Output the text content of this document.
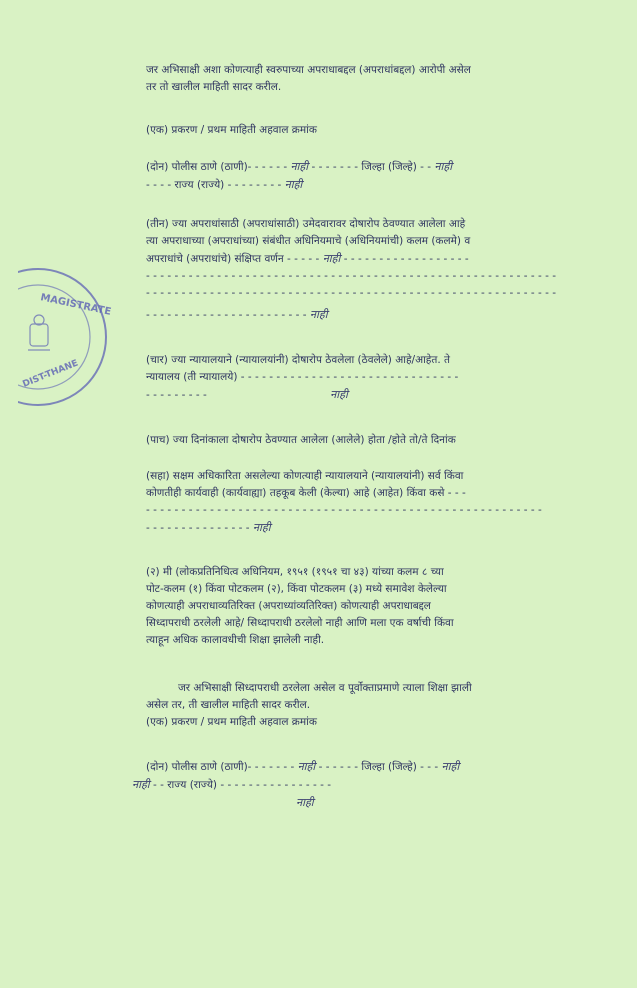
MAGISTRATE
DIST-THANE
जर अभिसाक्षी अशा कोणत्याही स्वरुपाच्या अपराधाबद्दल (अपराधांबद्दल) आरोपी असेल
तर तो खालील माहिती सादर करील.
(एक) प्रकरण / प्रथम माहिती अहवाल क्रमांक
(दोन) पोलीस ठाणे (ठाणी)- - - - - - नाही - - - - - - - जिल्हा (जिल्हे) - - नाही
- - - - राज्य (राज्ये) - - - - - - - - नाही
(तीन) ज्या अपराधांसाठी (अपराधांसाठी) उमेदवारावर दोषारोप ठेवण्यात आलेला आहे
त्या अपराधाच्या (अपराधांच्या) संबंधीत अधिनियमाचे (अधिनियमांची) कलम (कलमे) व
अपराधांचे (अपराधांचे) संक्षिप्त वर्णन - - - - - नाही - - - - - - - - - - - - - - - - - -
- - - - - - - - - - - - - - - - - - - - - - - - - - - - - - - - - - - - - - - - - - - - - - - - - - - - - - - - - -
- - - - - - - - - - - - - - - - - - - - - - - - - - - - - - - - - - - - - - - - - - - - - - - - - - - - - - - - - -
- - - - - - - - - - - - - - - - - - - - - - - नाही
(चार) ज्या न्यायालयाने (न्यायालयांनी) दोषारोप ठेवलेला (ठेवलेले) आहे/आहेत. ते
न्यायालय (ती न्यायालये) - - - - - - - - - - - - - - - - - - - - - - - - - - - - - - -
- - - - - - - - -	नाही
(पाच) ज्या दिनांकाला दोषारोप ठेवण्यात आलेला (आलेले) होता /होते तो/ते दिनांक
(सहा) सक्षम अधिकारिता असलेल्या कोणत्याही न्यायालयाने (न्यायालयांनी) सर्व किंवा
कोणतीही कार्यवाही (कार्यवाह्या) तहकूब केली (केल्या) आहे (आहेत) किंवा कसे - - -
- - - - - - - - - - - - - - - - - - - - - - - - - - - - - - - - - - - - - - - - - - - - - - - - - - - - - - - -
- - - - - - - - - - - - - - - नाही
(२) मी (लोकप्रतिनिधित्व अधिनियम, १९५१ (१९५१ चा ४३) यांच्या कलम ८ च्या
पोट-कलम (१) किंवा पोटकलम (२), किंवा पोटकलम (३) मध्ये समावेश केलेल्या
कोणत्याही अपराधाव्यतिरिक्त (अपराध्यांव्यतिरिक्त) कोणत्याही अपराधाबद्दल
सिध्दापराधी ठरलेली आहे/ सिध्दापराधी ठरलेलो नाही आणि मला एक वर्षाची किंवा
त्याहून अधिक कालावधीची शिक्षा झालेली नाही.
जर अभिसाक्षी सिध्दापराधी ठरलेला असेल व पूर्वोक्ताप्रमाणे त्याला शिक्षा झाली
असेल तर, ती खालील माहिती सादर करील.
(एक) प्रकरण / प्रथम माहिती अहवाल क्रमांक
(दोन) पोलीस ठाणे (ठाणी)- - - - - - - नाही - - - - - - जिल्हा (जिल्हे) - - - नाही
नाही - - राज्य (राज्ये) - - - - - - - - - - - - - - - -
नाही
